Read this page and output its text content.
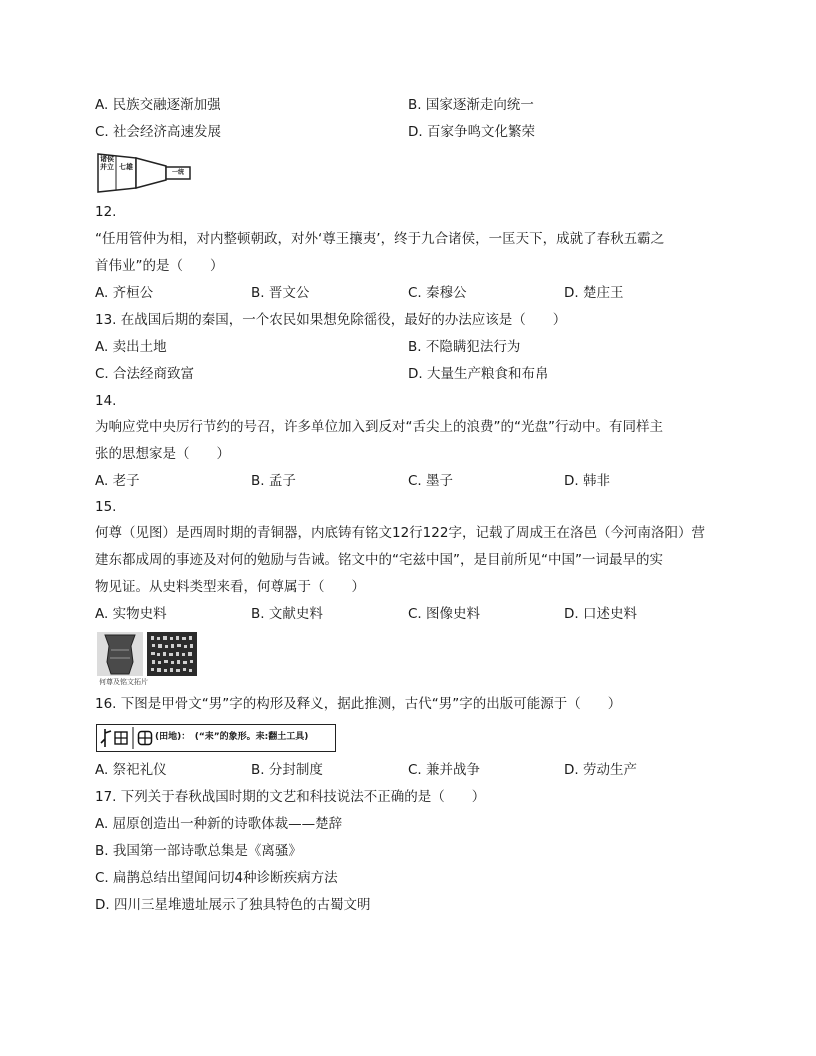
A. 民族交融逐渐加强	B. 国家逐渐走向统一
C. 社会经济高速发展	D. 百家争鸣文化繁荣
诸侯并立 七雄
一统
12.
“任用管仲为相，对内整顿朝政，对外‘尊王攘夷’，终于九合诸侯，一匡天下，成就了春秋五霸之
首伟业”的是（　　）
A. 齐桓公	B. 晋文公	C. 秦穆公	D. 楚庄王
13. 在战国后期的秦国，一个农民如果想免除徭役，最好的办法应该是（　　）
A. 卖出土地	B. 不隐瞒犯法行为
C. 合法经商致富	D. 大量生产粮食和布帛
14.
为响应党中央厉行节约的号召，许多单位加入到反对“舌尖上的浪费”的“光盘”行动中。有同样主
张的思想家是（　　）
A. 老子	B. 孟子	C. 墨子	D. 韩非
15.
何尊（见图）是西周时期的青铜器，内底铸有铭文12行122字，记载了周成王在洛邑（今河南洛阳）营
建东都成周的事迹及对何的勉励与告诫。铭文中的“宅兹中国”，是目前所见“中国”一词最早的实
物见证。从史料类型来看，何尊属于（　　）
A. 实物史料	B. 文献史料	C. 图像史料	D. 口述史料
何尊及铭文拓片
16. 下图是甲骨文“男”字的构形及释义，据此推测，古代“男”字的出版可能源于（　　）
(田地)：　(“耒”的象形。耒:翻土工具)
A. 祭祀礼仪	B. 分封制度	C. 兼并战争	D. 劳动生产
17. 下列关于春秋战国时期的文艺和科技说法不正确的是（　　）
A. 屈原创造出一种新的诗歌体裁——楚辞
B. 我国第一部诗歌总集是《离骚》
C. 扁鹊总结出望闻问切4种诊断疾病方法
D. 四川三星堆遗址展示了独具特色的古蜀文明
